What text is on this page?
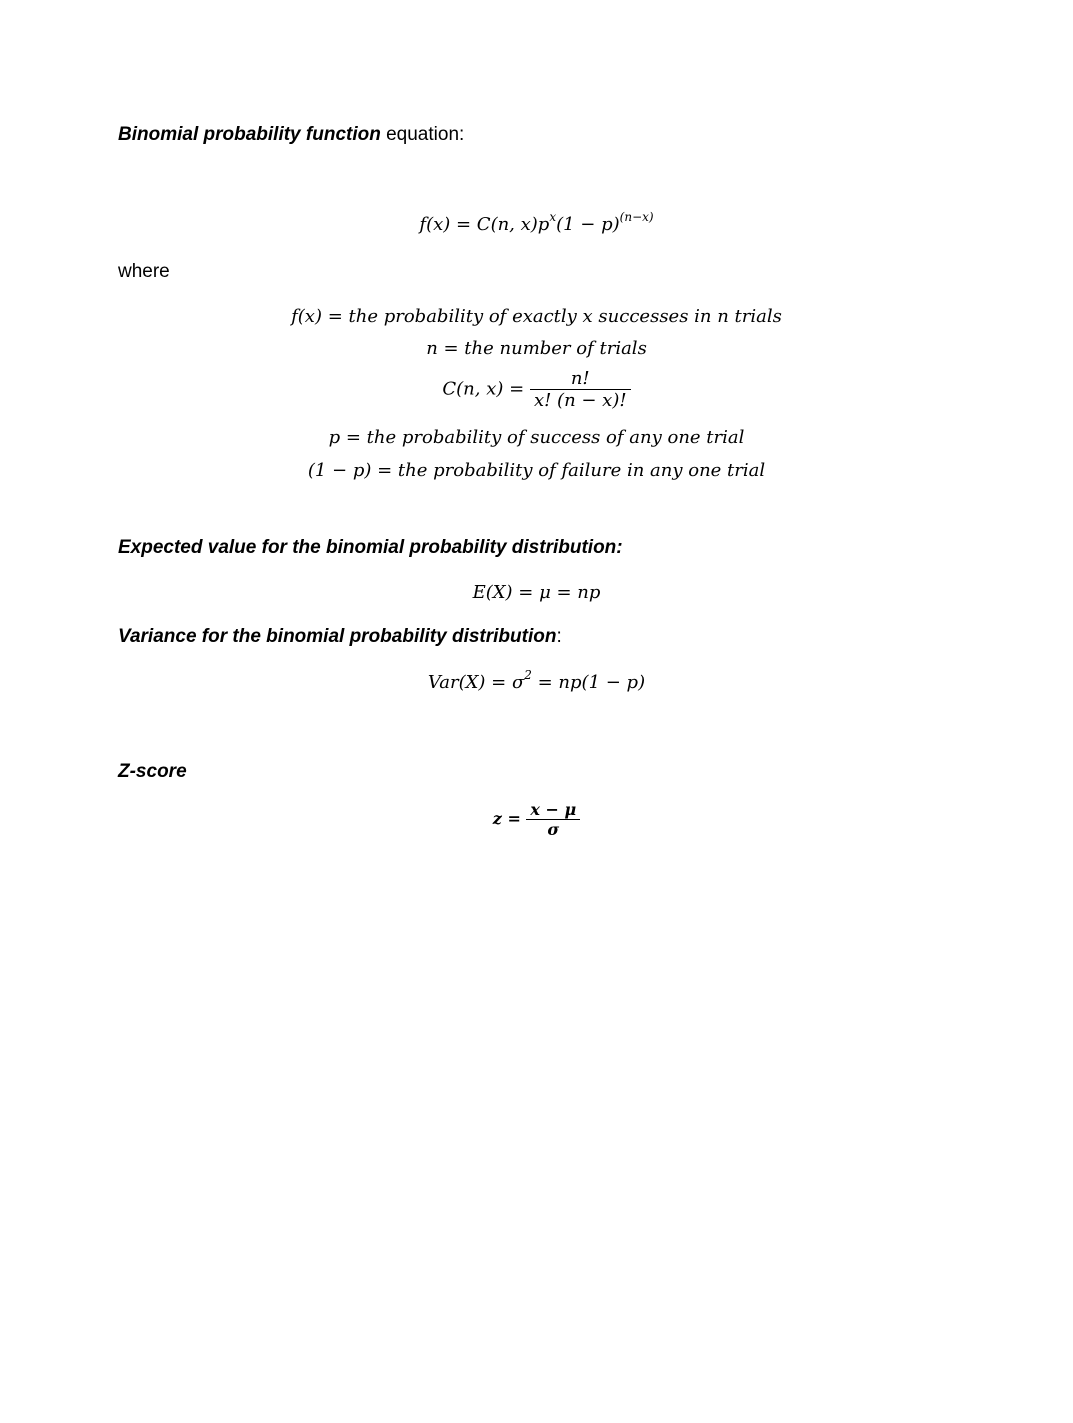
Binomial probability function equation:
f(x) = C(n, $x)p^x(1 - p)^{(n-x)}$
where
f(x) = the probability of exactly x successes in n trials
n = the number of trials
C(n, $x) = \frac{n!}{x! (n - x)!}$
p = the probability of success of any one trial
(1 − p) = the probability of failure in any one trial
Expected value for the binomial probability distribution:
E(X) = μ = np
Variance for the binomial probability distribution:
$Var(X) = \sigma^2 = np(1 - p)$
Z-score
$z = \frac{x - \mu}{\sigma}$
